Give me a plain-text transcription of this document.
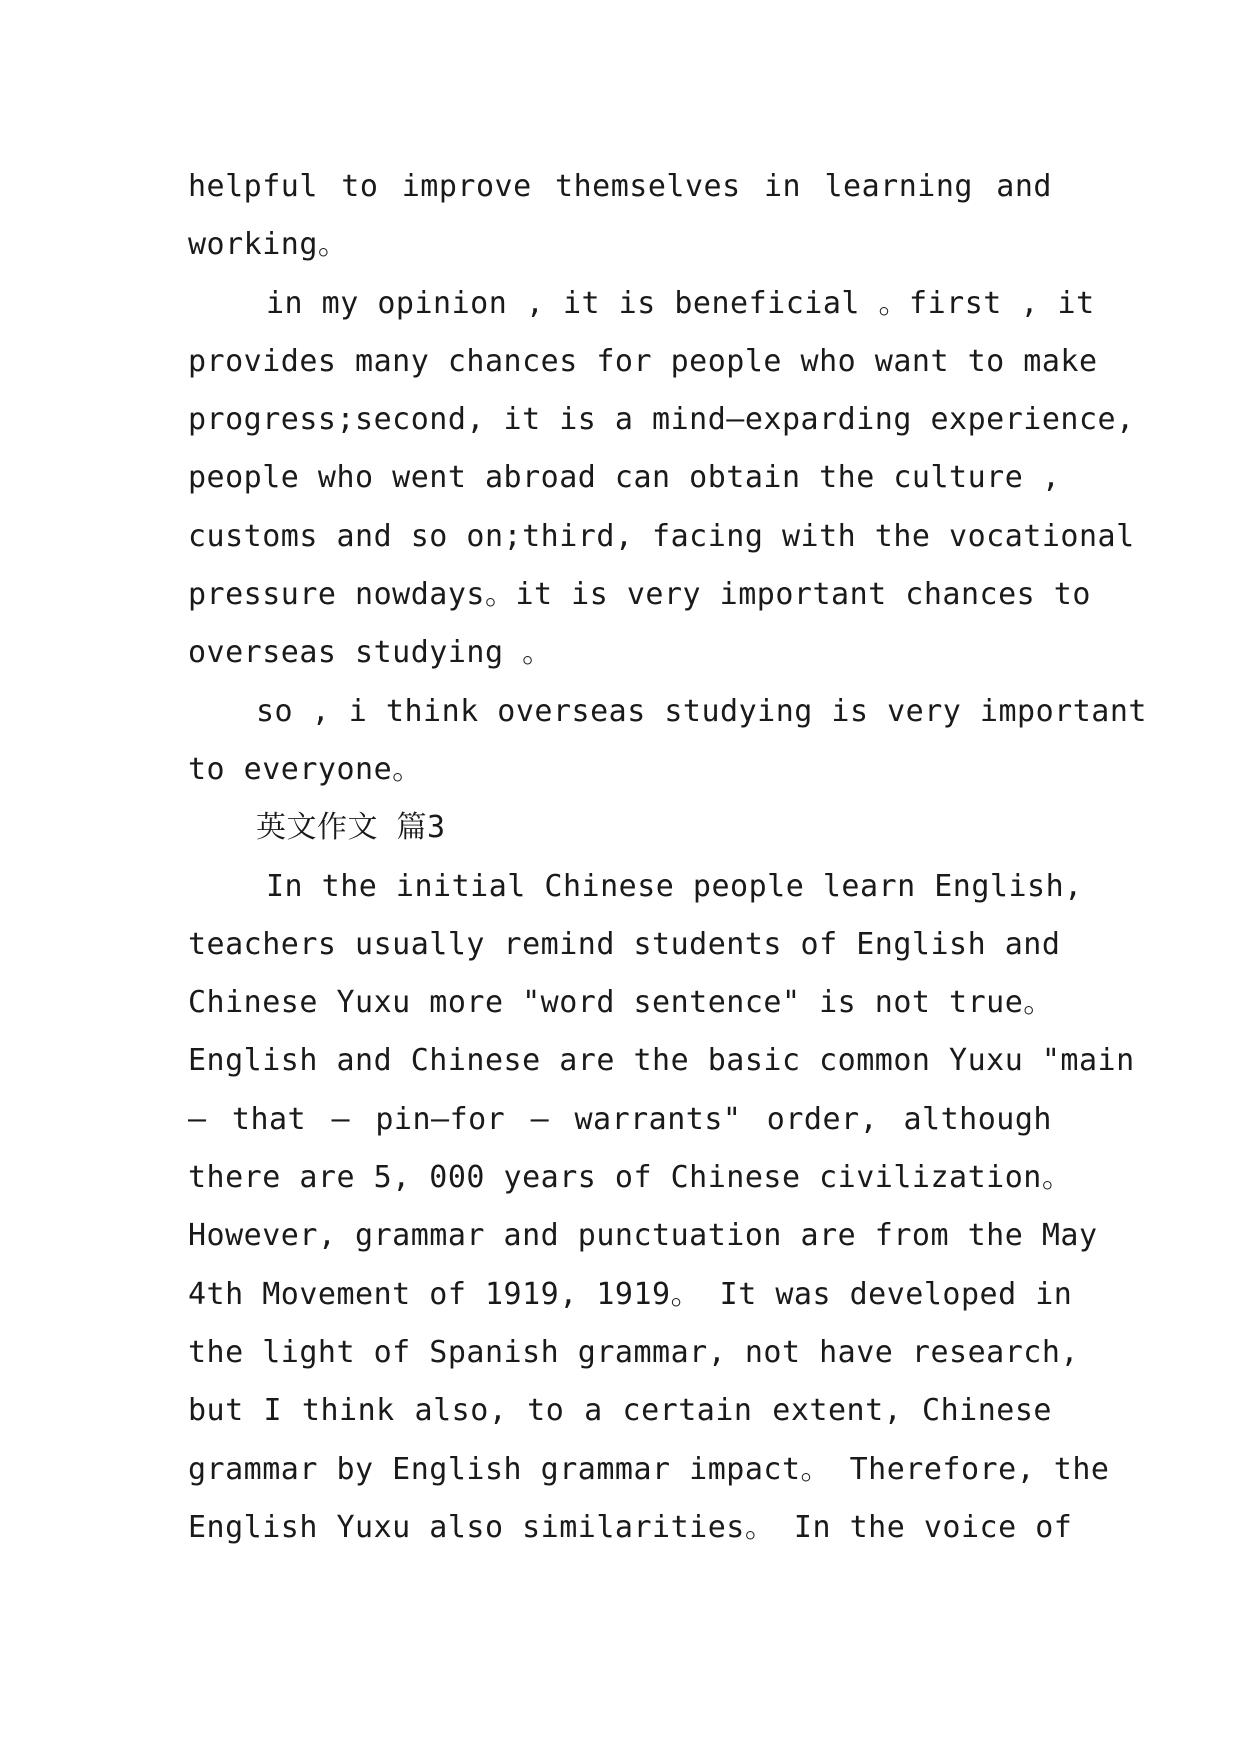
helpful to improve themselves in learning and
working。
in my opinion , it is beneficial 。first , it
provides many chances for people who want to make
progress;second, it is a mind—exparding experience,
people who went abroad can obtain the culture ,
customs and so on;third, facing with the vocational
pressure nowdays。it is very important chances to
overseas studying 。
so , i think overseas studying is very important
to everyone。
英文作文 篇3
In the initial Chinese people learn English,
teachers usually remind students of English and
Chinese Yuxu more "word sentence" is not true。
English and Chinese are the basic common Yuxu "main
— that — pin—for — warrants" order, although
there are 5, 000 years of Chinese civilization。
However, grammar and punctuation are from the May
4th Movement of 1919, 1919。 It was developed in
the light of Spanish grammar, not have research,
but I think also, to a certain extent, Chinese
grammar by English grammar impact。 Therefore, the
English Yuxu also similarities。 In the voice of
